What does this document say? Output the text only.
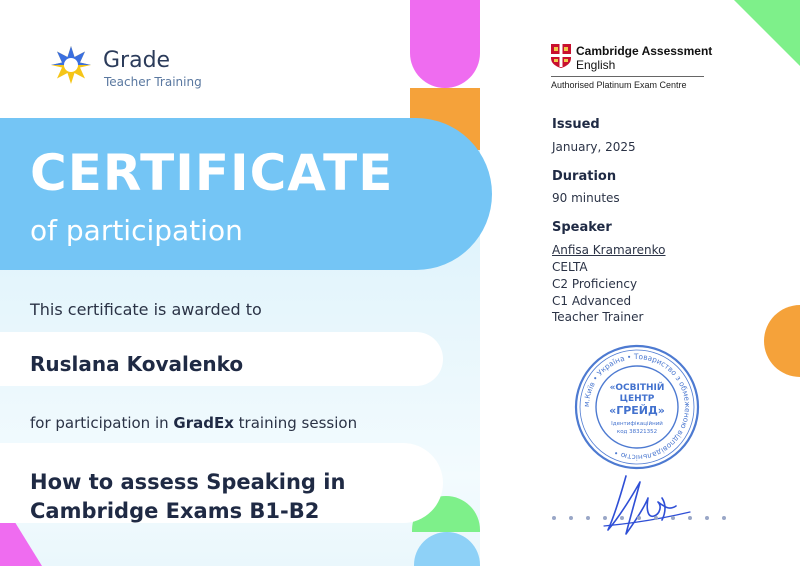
Grade
Teacher Training
CERTIFICATE
of participation
This certificate is awarded to
Ruslana Kovalenko
for participation in GradEx training session
How to assess Speaking in
Cambridge Exams B1-B2
Cambridge Assessment
English
Authorised Platinum Exam Centre
Issued
January, 2025
Duration
90 minutes
Speaker
Anfisa Kramarenko
CELTA
C2 Proficiency
C1 Advanced
Teacher Trainer
м.Київ • Україна • Товариство з обмеженою відповідальністю •
«ОСВІТНІЙ
ЦЕНТР
«ГРЕЙД»
Ідентифікаційний
код 38321352
